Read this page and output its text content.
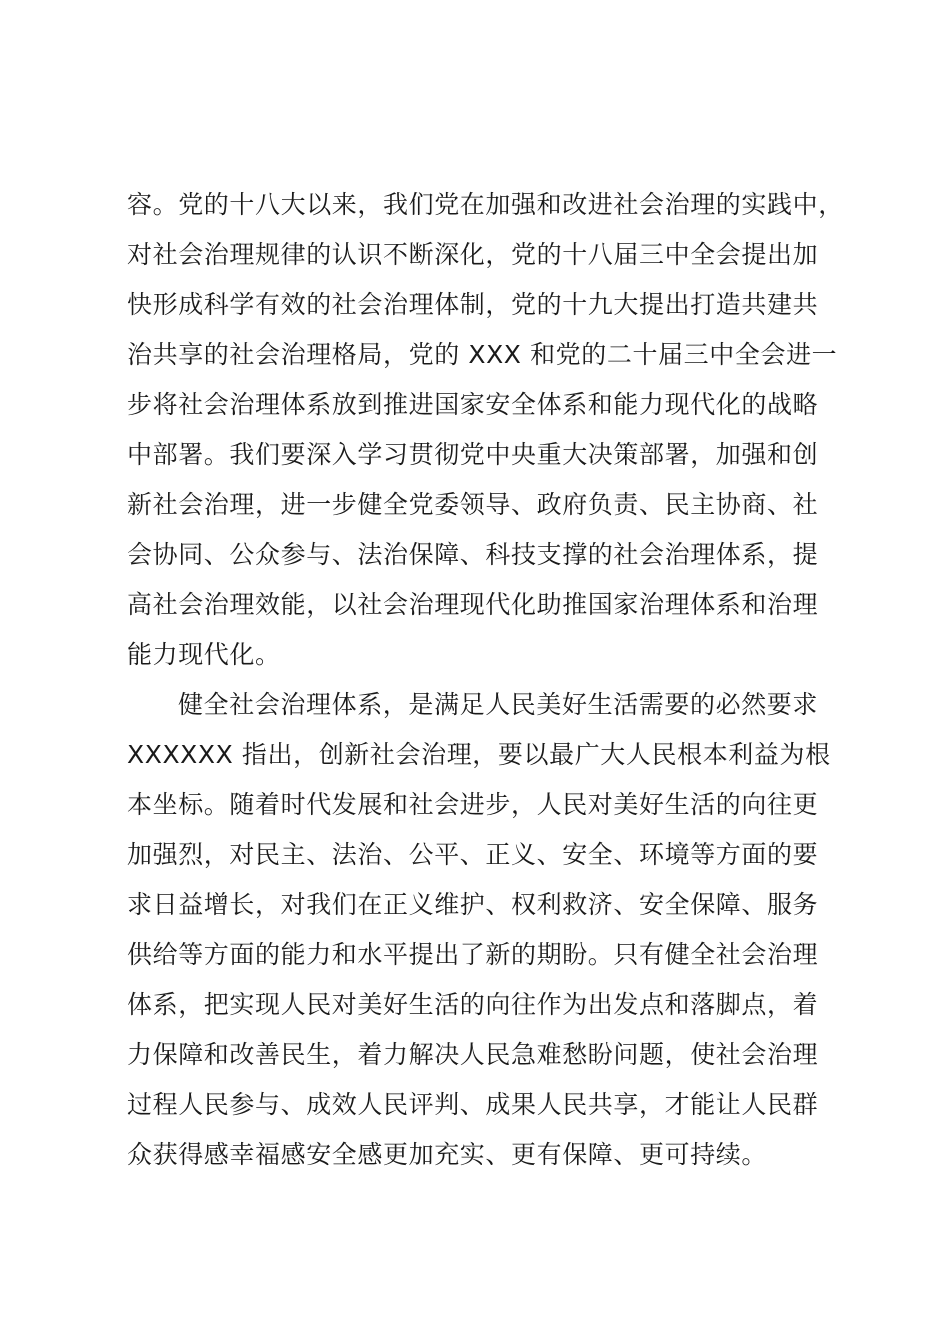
容。党的十八大以来，我们党在加强和改进社会治理的实践中，
对社会治理规律的认识不断深化，党的十八届三中全会提出加
快形成科学有效的社会治理体制，党的十九大提出打造共建共
治共享的社会治理格局，党的 XXX 和党的二十届三中全会进一
步将社会治理体系放到推进国家安全体系和能力现代化的战略
中部署。我们要深入学习贯彻党中央重大决策部署，加强和创
新社会治理，进一步健全党委领导、政府负责、民主协商、社
会协同、公众参与、法治保障、科技支撑的社会治理体系，提
高社会治理效能，以社会治理现代化助推国家治理体系和治理
能力现代化。
健全社会治理体系，是满足人民美好生活需要的必然要求
XXXXXX 指出，创新社会治理，要以最广大人民根本利益为根
本坐标。随着时代发展和社会进步，人民对美好生活的向往更
加强烈，对民主、法治、公平、正义、安全、环境等方面的要
求日益增长，对我们在正义维护、权利救济、安全保障、服务
供给等方面的能力和水平提出了新的期盼。只有健全社会治理
体系，把实现人民对美好生活的向往作为出发点和落脚点，着
力保障和改善民生，着力解决人民急难愁盼问题，使社会治理
过程人民参与、成效人民评判、成果人民共享，才能让人民群
众获得感幸福感安全感更加充实、更有保障、更可持续。
